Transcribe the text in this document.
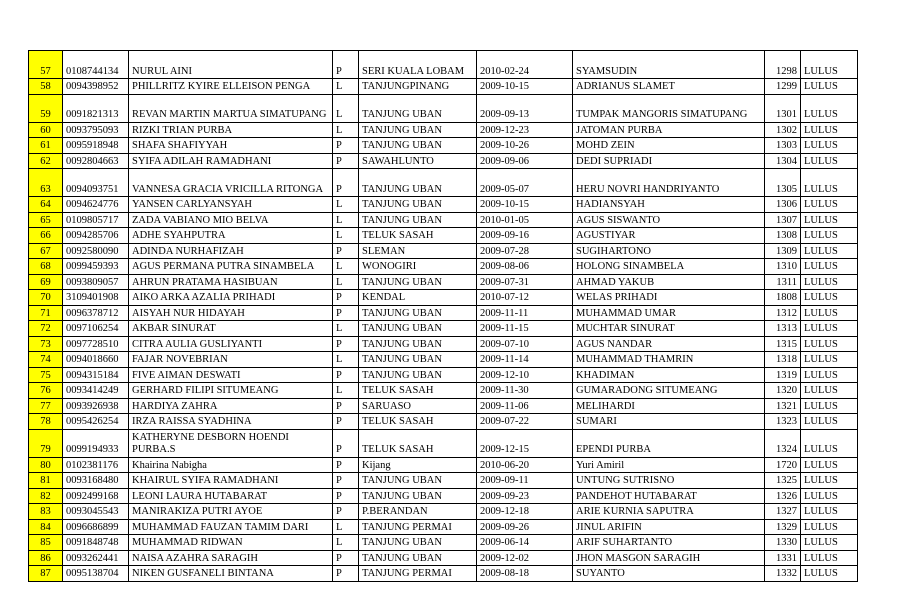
57	0108744134	NURUL AINI	P	SERI KUALA LOBAM	2010-02-24	SYAMSUDIN	1298	LULUS
58	0094398952	PHILLRITZ KYIRE ELLEISON PENGA	L	TANJUNGPINANG	2009-10-15	ADRIANUS SLAMET	1299	LULUS
59	0091821313	REVAN MARTIN MARTUA SIMATUPANG	L	TANJUNG UBAN	2009-09-13	TUMPAK MANGORIS SIMATUPANG	1301	LULUS
60	0093795093	RIZKI TRIAN PURBA	L	TANJUNG UBAN	2009-12-23	JATOMAN PURBA	1302	LULUS
61	0095918948	SHAFA SHAFIYYAH	P	TANJUNG UBAN	2009-10-26	MOHD ZEIN	1303	LULUS
62	0092804663	SYIFA ADILAH RAMADHANI	P	SAWAHLUNTO	2009-09-06	DEDI SUPRIADI	1304	LULUS
63	0094093751	VANNESA GRACIA VRICILLA RITONGA	P	TANJUNG UBAN	2009-05-07	HERU NOVRI HANDRIYANTO	1305	LULUS
64	0094624776	YANSEN CARLYANSYAH	L	TANJUNG UBAN	2009-10-15	HADIANSYAH	1306	LULUS
65	0109805717	ZADA VABIANO MIO BELVA	L	TANJUNG UBAN	2010-01-05	AGUS SISWANTO	1307	LULUS
66	0094285706	ADHE SYAHPUTRA	L	TELUK SASAH	2009-09-16	AGUSTIYAR	1308	LULUS
67	0092580090	ADINDA NURHAFIZAH	P	SLEMAN	2009-07-28	SUGIHARTONO	1309	LULUS
68	0099459393	AGUS PERMANA PUTRA SINAMBELA	L	WONOGIRI	2009-08-06	HOLONG SINAMBELA	1310	LULUS
69	0093809057	AHRUN PRATAMA HASIBUAN	L	TANJUNG UBAN	2009-07-31	AHMAD YAKUB	1311	LULUS
70	3109401908	AIKO ARKA AZALIA PRIHADI	P	KENDAL	2010-07-12	WELAS PRIHADI	1808	LULUS
71	0096378712	AISYAH NUR HIDAYAH	P	TANJUNG UBAN	2009-11-11	MUHAMMAD UMAR	1312	LULUS
72	0097106254	AKBAR SINURAT	L	TANJUNG UBAN	2009-11-15	MUCHTAR SINURAT	1313	LULUS
73	0097728510	CITRA AULIA GUSLIYANTI	P	TANJUNG UBAN	2009-07-10	AGUS NANDAR	1315	LULUS
74	0094018660	FAJAR NOVEBRIAN	L	TANJUNG UBAN	2009-11-14	MUHAMMAD THAMRIN	1318	LULUS
75	0094315184	FIVE AIMAN DESWATI	P	TANJUNG UBAN	2009-12-10	KHADIMAN	1319	LULUS
76	0093414249	GERHARD FILIPI SITUMEANG	L	TELUK SASAH	2009-11-30	GUMARADONG SITUMEANG	1320	LULUS
77	0093926938	HARDIYA ZAHRA	P	SARUASO	2009-11-06	MELIHARDI	1321	LULUS
78	0095426254	IRZA RAISSA SYADHINA	P	TELUK SASAH	2009-07-22	SUMARI	1323	LULUS
79	0099194933	KATHERYNE DESBORN HOENDI PURBA.S	P	TELUK SASAH	2009-12-15	EPENDI PURBA	1324	LULUS
80	0102381176	Khairina Nabigha	P	Kijang	2010-06-20	Yuri Amiril	1720	LULUS
81	0093168480	KHAIRUL SYIFA RAMADHANI	P	TANJUNG UBAN	2009-09-11	UNTUNG SUTRISNO	1325	LULUS
82	0092499168	LEONI LAURA HUTABARAT	P	TANJUNG UBAN	2009-09-23	PANDEHOT HUTABARAT	1326	LULUS
83	0093045543	MANIRAKIZA PUTRI AYOE	P	P.BERANDAN	2009-12-18	ARIE KURNIA SAPUTRA	1327	LULUS
84	0096686899	MUHAMMAD FAUZAN TAMIM DARI	L	TANJUNG PERMAI	2009-09-26	JINUL ARIFIN	1329	LULUS
85	0091848748	MUHAMMAD RIDWAN	L	TANJUNG UBAN	2009-06-14	ARIF SUHARTANTO	1330	LULUS
86	0093262441	NAISA AZAHRA SARAGIH	P	TANJUNG UBAN	2009-12-02	JHON MASGON SARAGIH	1331	LULUS
87	0095138704	NIKEN GUSFANELI BINTANA	P	TANJUNG PERMAI	2009-08-18	SUYANTO	1332	LULUS
